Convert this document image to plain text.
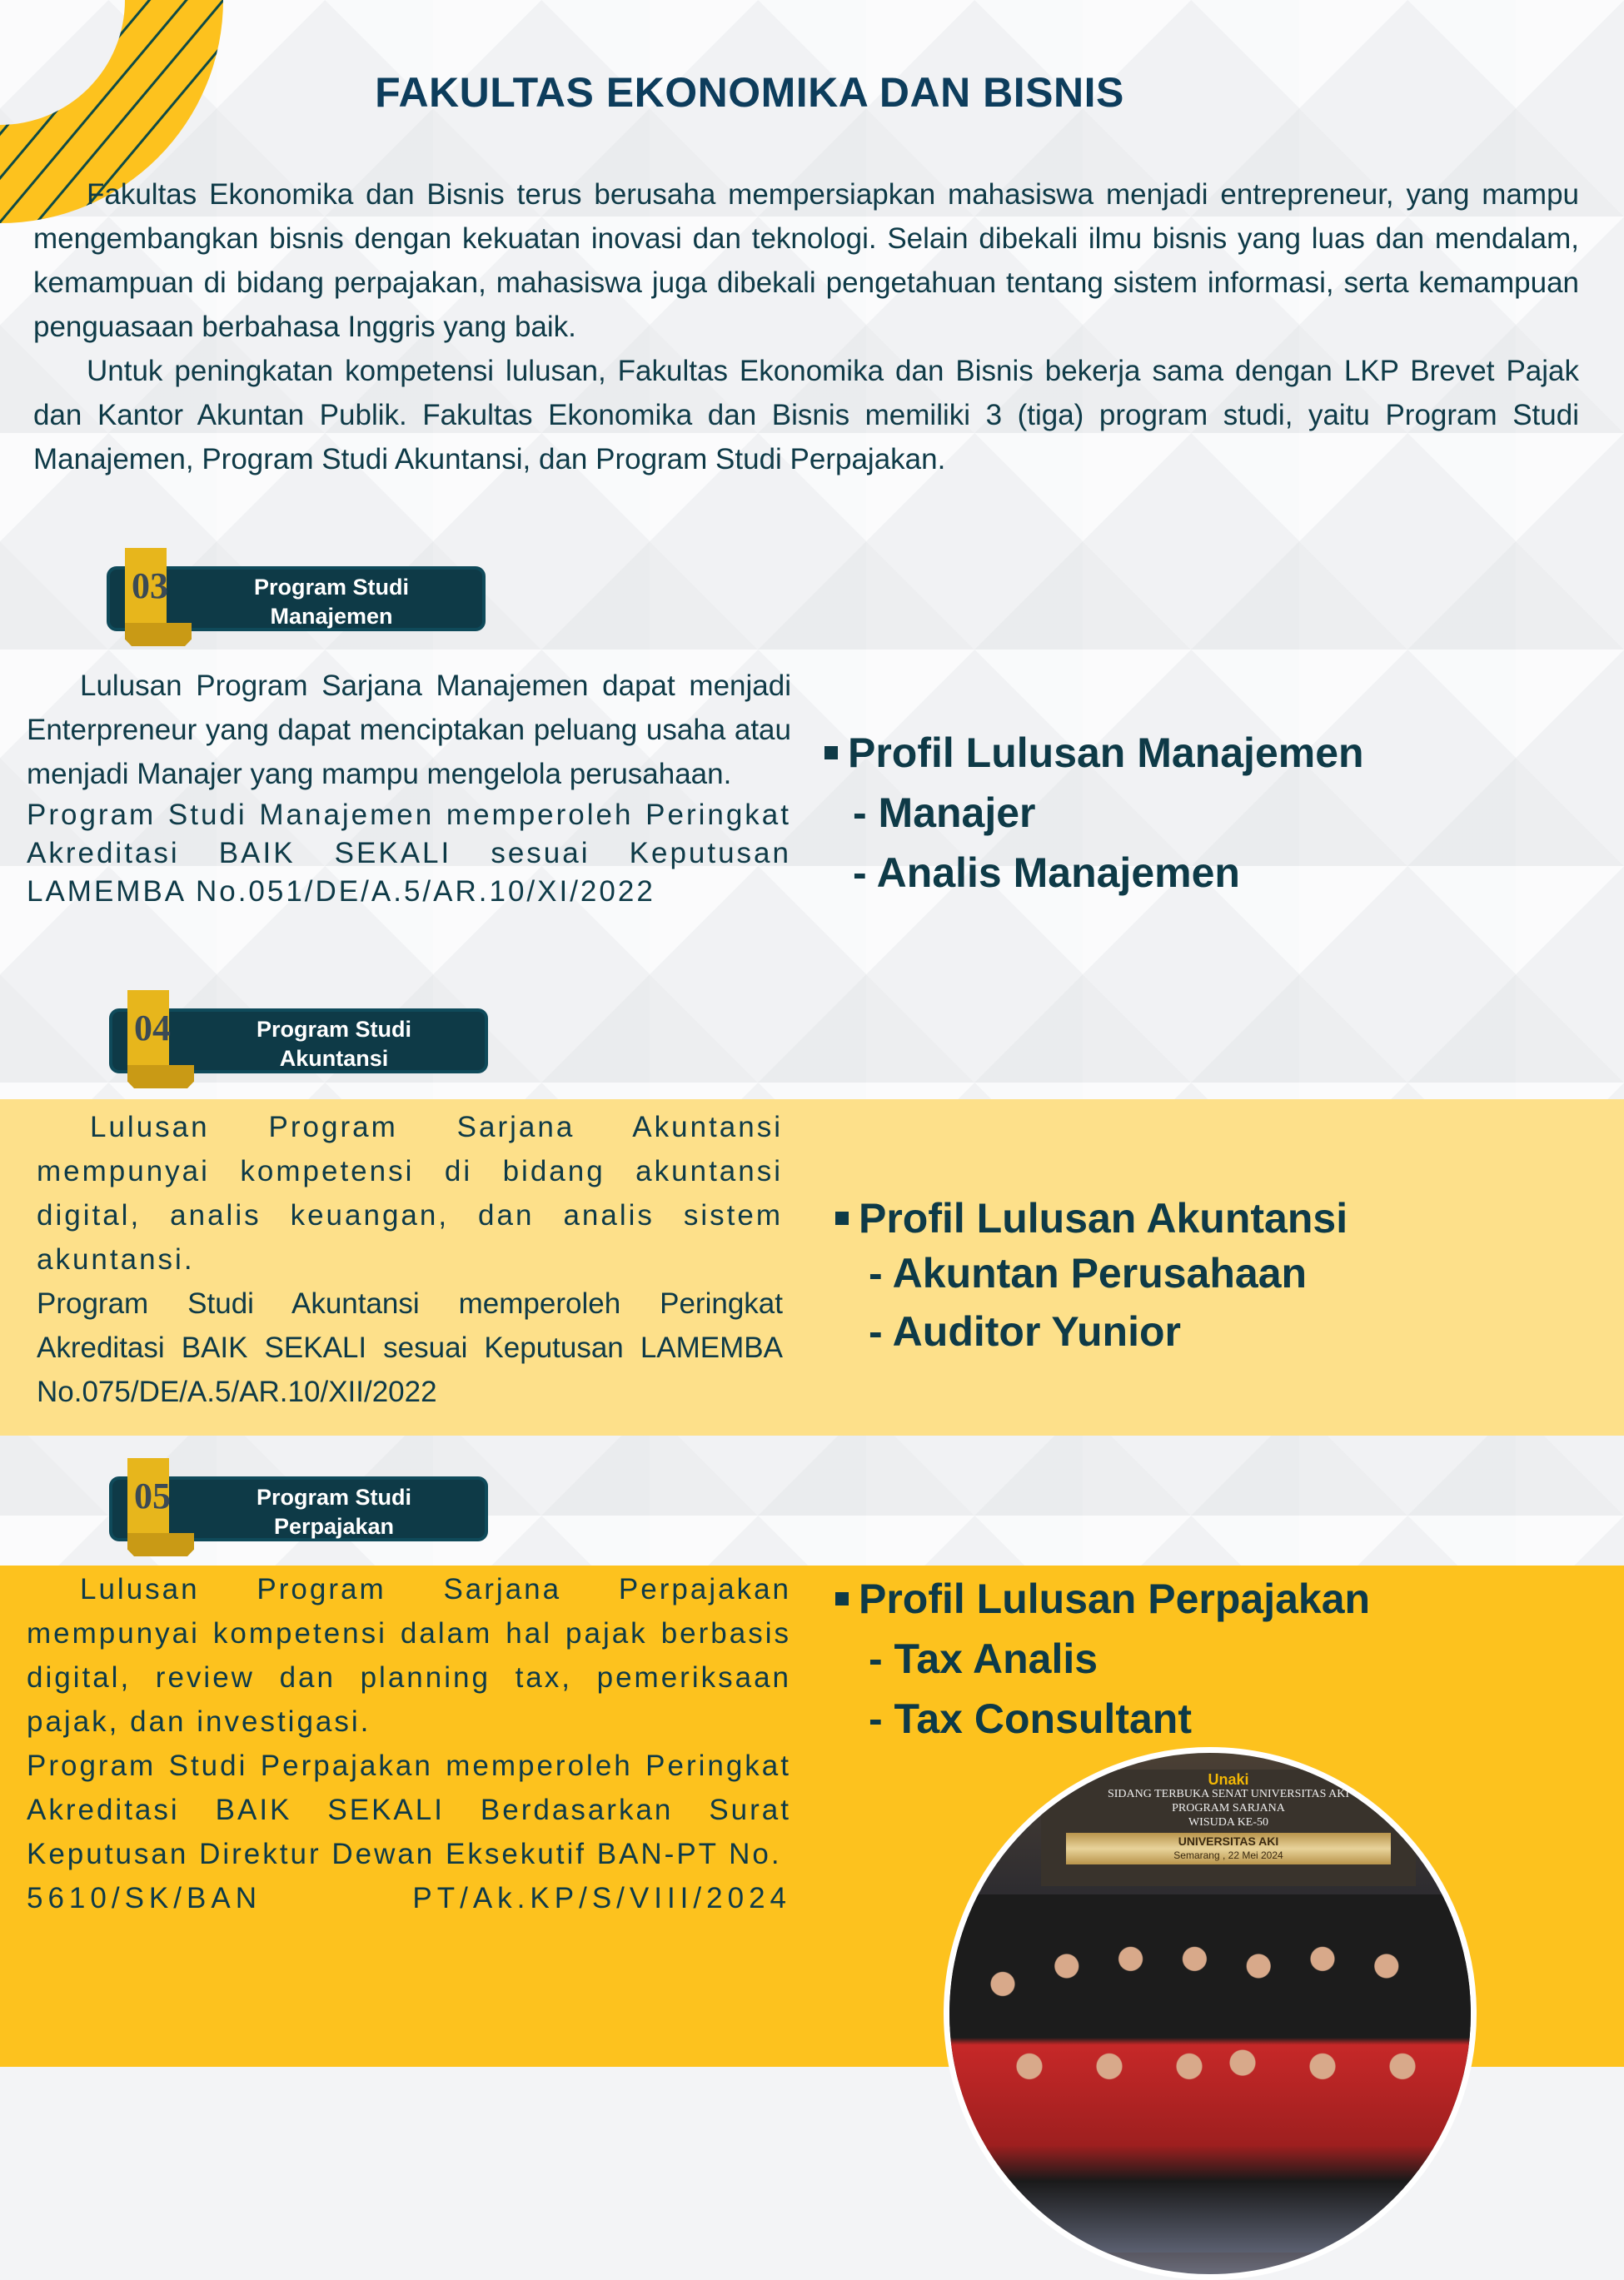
FAKULTAS EKONOMIKA DAN BISNIS

Fakultas Ekonomika dan Bisnis terus berusaha mempersiapkan mahasiswa menjadi entrepreneur, yang mampu mengembangkan bisnis dengan kekuatan inovasi dan teknologi. Selain dibekali ilmu bisnis yang luas dan mendalam, kemampuan di bidang perpajakan, mahasiswa juga dibekali pengetahuan tentang sistem informasi, serta kemampuan penguasaan berbahasa Inggris yang baik.

Untuk peningkatan kompetensi lulusan, Fakultas Ekonomika dan Bisnis bekerja sama dengan LKP Brevet Pajak dan Kantor Akuntan Publik. Fakultas Ekonomika dan Bisnis memiliki 3 (tiga) program studi, yaitu Program Studi Manajemen, Program Studi Akuntansi, dan Program Studi Perpajakan.

03	Program Studi
Manajemen

Lulusan Program Sarjana Manajemen dapat menjadi Enterpreneur yang dapat menciptakan peluang usaha atau menjadi Manajer yang mampu mengelola perusahaan.

Program Studi Manajemen memperoleh Peringkat Akreditasi BAIK SEKALI sesuai Keputusan LAMEMBA No.051/DE/A.5/AR.10/XI/2022

Profil Lulusan Manajemen
- Manajer
- Analis Manajemen
04	Program Studi
Akuntansi

Lulusan Program Sarjana Akuntansi mempunyai kompetensi di bidang akuntansi digital, analis keuangan, dan analis sistem akuntansi.

Program Studi Akuntansi memperoleh Peringkat Akreditasi BAIK SEKALI sesuai Keputusan LAMEMBA No.075/DE/A.5/AR.10/XII/2022

Profil Lulusan Akuntansi
- Akuntan Perusahaan
- Auditor Yunior
05	Program Studi
Perpajakan

Lulusan Program Sarjana Perpajakan mempunyai kompetensi dalam hal pajak berbasis digital, review dan planning tax, pemeriksaan pajak, dan investigasi.

Program Studi Perpajakan memperoleh Peringkat Akreditasi BAIK SEKALI Berdasarkan Surat Keputusan Direktur Dewan Eksekutif BAN-PT No.

5610/SK/BAN PT/Ak.KP/S/VIII/2024

Profil Lulusan Perpajakan
- Tax Analis
- Tax Consultant
Unaki
SIDANG TERBUKA SENAT UNIVERSITAS AKI
PROGRAM SARJANA
WISUDA KE-50
UNIVERSITAS AKI
Semarang , 22 Mei 2024
